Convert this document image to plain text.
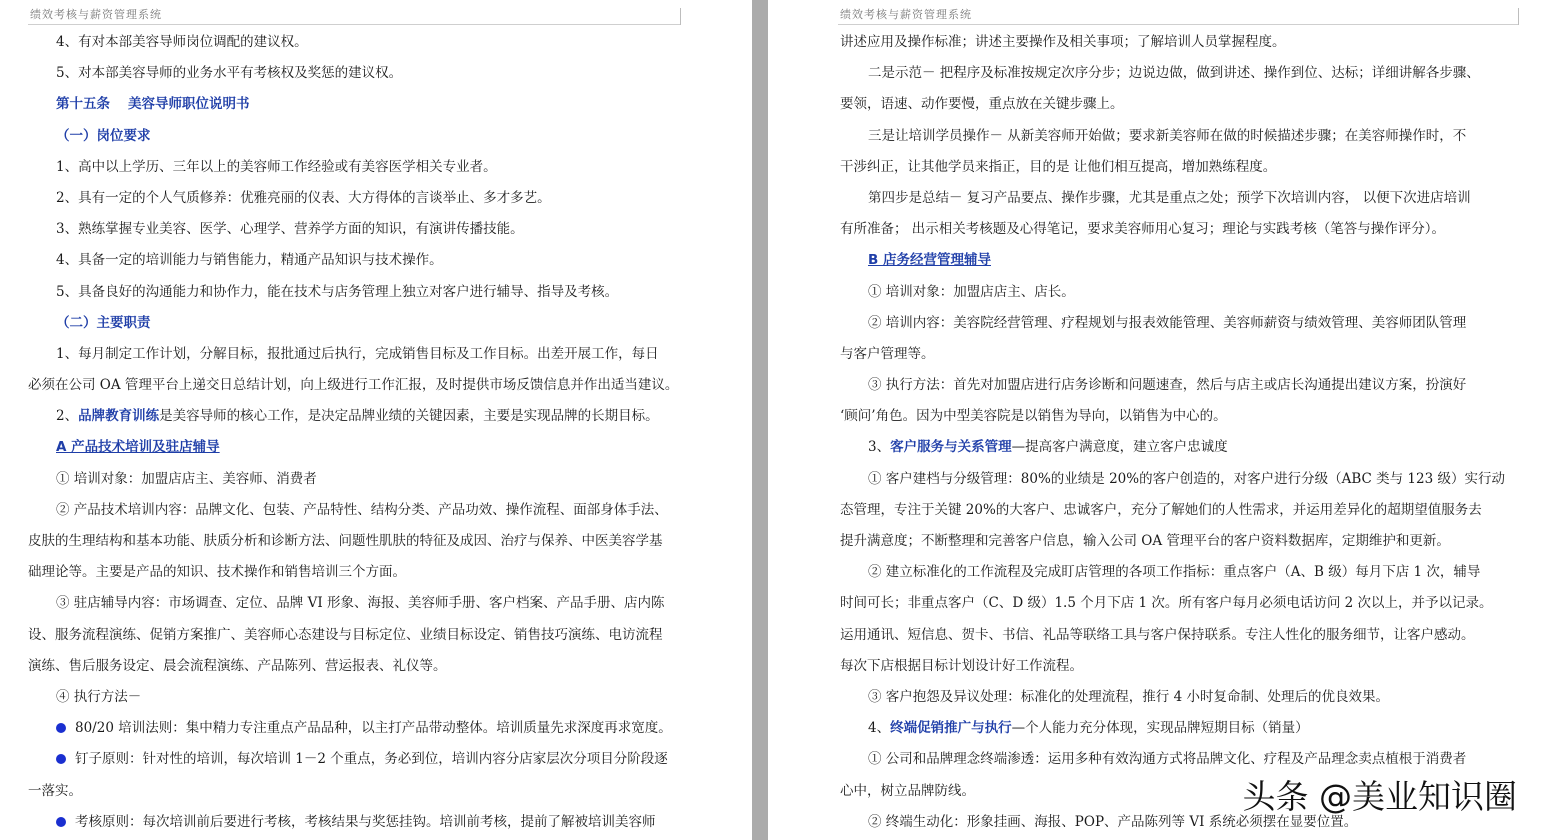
绩效考核与薪资管理系统
4、有对本部美容导师岗位调配的建议权。
5、对本部美容导师的业务水平有考核权及奖惩的建议权。
第十五条 美容导师职位说明书
（一）岗位要求
1、高中以上学历、三年以上的美容师工作经验或有美容医学相关专业者。
2、具有一定的个人气质修养：优雅亮丽的仪表、大方得体的言谈举止、多才多艺。
3、熟练掌握专业美容、医学、心理学、营养学方面的知识，有演讲传播技能。
4、具备一定的培训能力与销售能力，精通产品知识与技术操作。
5、具备良好的沟通能力和协作力，能在技术与店务管理上独立对客户进行辅导、指导及考核。
（二）主要职责
1、每月制定工作计划，分解目标，报批通过后执行，完成销售目标及工作目标。出差开展工作，每日
必须在公司 OA 管理平台上递交日总结计划，向上级进行工作汇报，及时提供市场反馈信息并作出适当建议。
2、品牌教育训练是美容导师的核心工作，是决定品牌业绩的关键因素，主要是实现品牌的长期目标。
A 产品技术培训及驻店辅导
① 培训对象：加盟店店主、美容师、消费者
② 产品技术培训内容：品牌文化、包装、产品特性、结构分类、产品功效、操作流程、面部身体手法、
皮肤的生理结构和基本功能、肤质分析和诊断方法、问题性肌肤的特征及成因、治疗与保养、中医美容学基
础理论等。主要是产品的知识、技术操作和销售培训三个方面。
③ 驻店辅导内容：市场调查、定位、品牌 VI 形象、海报、美容师手册、客户档案、产品手册、店内陈
设、服务流程演练、促销方案推广、美容师心态建设与目标定位、业绩目标设定、销售技巧演练、电访流程
演练、售后服务设定、晨会流程演练、产品陈列、营运报表、礼仪等。
④ 执行方法－
80/20 培训法则：集中精力专注重点产品品种，以主打产品带动整体。培训质量先求深度再求宽度。
钉子原则：针对性的培训，每次培训 1－2 个重点，务必到位，培训内容分店家层次分项目分阶段逐
一落实。
考核原则：每次培训前后要进行考核，考核结果与奖惩挂钩。培训前考核，提前了解被培训美容师
绩效考核与薪资管理系统
讲述应用及操作标准；讲述主要操作及相关事项；了解培训人员掌握程度。
二是示范－ 把程序及标准按规定次序分步；边说边做，做到讲述、操作到位、达标；详细讲解各步骤、
要领，语速、动作要慢，重点放在关键步骤上。
三是让培训学员操作－ 从新美容师开始做；要求新美容师在做的时候描述步骤；在美容师操作时，不
干涉纠正，让其他学员来指正，目的是 让他们相互提高，增加熟练程度。
第四步是总结－ 复习产品要点、操作步骤，尤其是重点之处；预学下次培训内容， 以便下次进店培训
有所准备； 出示相关考核题及心得笔记，要求美容师用心复习；理论与实践考核（笔答与操作评分）。
B 店务经营管理辅导
① 培训对象：加盟店店主、店长。
② 培训内容：美容院经营管理、疗程规划与报表效能管理、美容师薪资与绩效管理、美容师团队管理
与客户管理等。
③ 执行方法：首先对加盟店进行店务诊断和问题速查，然后与店主或店长沟通提出建议方案，扮演好
‘顾问’角色。因为中型美容院是以销售为导向，以销售为中心的。
3、客户服务与关系管理—提高客户满意度，建立客户忠诚度
① 客户建档与分级管理：80%的业绩是 20%的客户创造的，对客户进行分级（ABC 类与 123 级）实行动
态管理，专注于关键 20%的大客户、忠诚客户，充分了解她们的人性需求，并运用差异化的超期望值服务去
提升满意度；不断整理和完善客户信息，输入公司 OA 管理平台的客户资料数据库，定期维护和更新。
② 建立标准化的工作流程及完成盯店管理的各项工作指标：重点客户（A、B 级）每月下店 1 次，辅导
时间可长；非重点客户（C、D 级）1.5 个月下店 1 次。所有客户每月必须电话访问 2 次以上，并予以记录。
运用通讯、短信息、贺卡、书信、礼品等联络工具与客户保持联系。专注人性化的服务细节，让客户感动。
每次下店根据目标计划设计好工作流程。
③ 客户抱怨及异议处理：标准化的处理流程，推行 4 小时复命制、处理后的优良效果。
4、终端促销推广与执行—个人能力充分体现，实现品牌短期目标（销量）
① 公司和品牌理念终端渗透：运用多种有效沟通方式将品牌文化、疗程及产品理念卖点植根于消费者
心中，树立品牌防线。
② 终端生动化：形象挂画、海报、POP、产品陈列等 VI 系统必须摆在显要位置。
头条 @美业知识圈
